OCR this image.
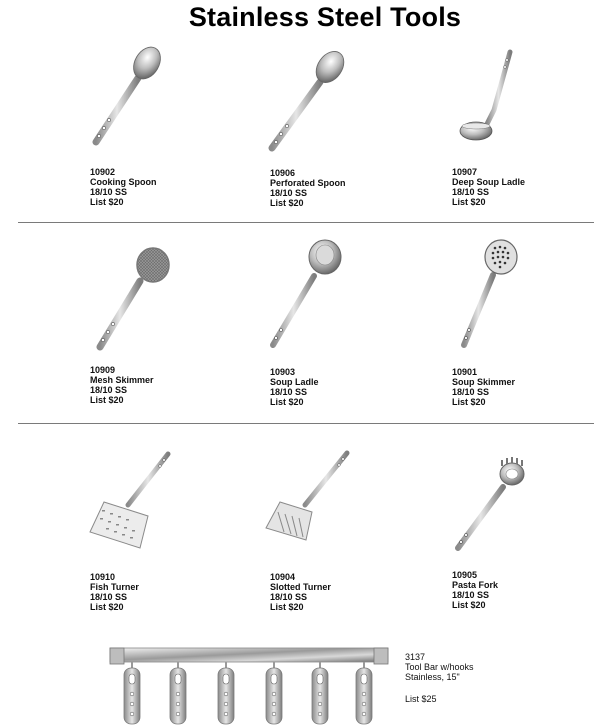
Stainless Steel Tools
10902
Cooking Spoon
18/10 SS
List $20
10906
Perforated Spoon
18/10 SS
List $20
10907
Deep Soup Ladle
18/10 SS
List $20
10909
Mesh Skimmer
18/10 SS
List $20
10903
Soup Ladle
18/10 SS
List $20
10901
Soup Skimmer
18/10 SS
List $20
10910
Fish Turner
18/10 SS
List $20
10904
Slotted Turner
18/10 SS
List $20
10905
Pasta Fork
18/10 SS
List $20
3137
Tool Bar w/hooks
Stainless, 15"
List $25
